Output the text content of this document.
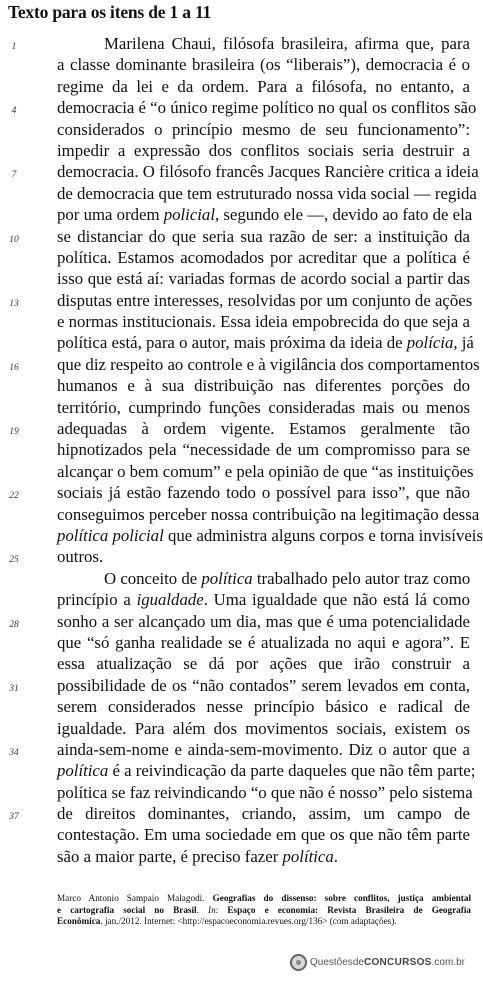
Texto para os itens de 1 a 11
1	Marilena Chaui, filósofa brasileira, afirma que, para
a classe dominante brasileira (os “liberais”), democracia é o
regime da lei e da ordem. Para a filósofa, no entanto, a
4	democracia é “o único regime político no qual os conflitos são
considerados o princípio mesmo de seu funcionamento”:
impedir a expressão dos conflitos sociais seria destruir a
7	democracia. O filósofo francês Jacques Rancière critica a ideia
de democracia que tem estruturado nossa vida social — regida
por uma ordem policial, segundo ele —, devido ao fato de ela
10	se distanciar do que seria sua razão de ser: a instituição da
política. Estamos acomodados por acreditar que a política é
isso que está aí: variadas formas de acordo social a partir das
13	disputas entre interesses, resolvidas por um conjunto de ações
e normas institucionais. Essa ideia empobrecida do que seja a
política está, para o autor, mais próxima da ideia de polícia, já
16	que diz respeito ao controle e à vigilância dos comportamentos
humanos e à sua distribuição nas diferentes porções do
território, cumprindo funções consideradas mais ou menos
19	adequadas à ordem vigente. Estamos geralmente tão
hipnotizados pela “necessidade de um compromisso para se
alcançar o bem comum” e pela opinião de que “as instituições
22	sociais já estão fazendo todo o possível para isso”, que não
conseguimos perceber nossa contribuição na legitimação dessa
política policial que administra alguns corpos e torna invisíveis
25	outros.
O conceito de política trabalhado pelo autor traz como
princípio a igualdade. Uma igualdade que não está lá como
28	sonho a ser alcançado um dia, mas que é uma potencialidade
que “só ganha realidade se é atualizada no aqui e agora”. E
essa atualização se dá por ações que irão construir a
31	possibilidade de os “não contados” serem levados em conta,
serem considerados nesse princípio básico e radical de
igualdade. Para além dos movimentos sociais, existem os
34	ainda-sem-nome e ainda-sem-movimento. Diz o autor que a
política é a reivindicação da parte daqueles que não têm parte;
política se faz reivindicando “o que não é nosso” pelo sistema
37	de direitos dominantes, criando, assim, um campo de
contestação. Em uma sociedade em que os que não têm parte
são a maior parte, é preciso fazer política.
Marco Antonio Sampaio Malagodi. Geografias do dissenso: sobre conflitos, justiça ambiental
e cartografia social no Brasil. In: Espaço e economia: Revista Brasileira de Geografia
Econômica. jan./2012. Internet: <http://espacoeconomia.revues.org/136> (com adaptações).
QuestõesdeCONCURSOS.com.br
